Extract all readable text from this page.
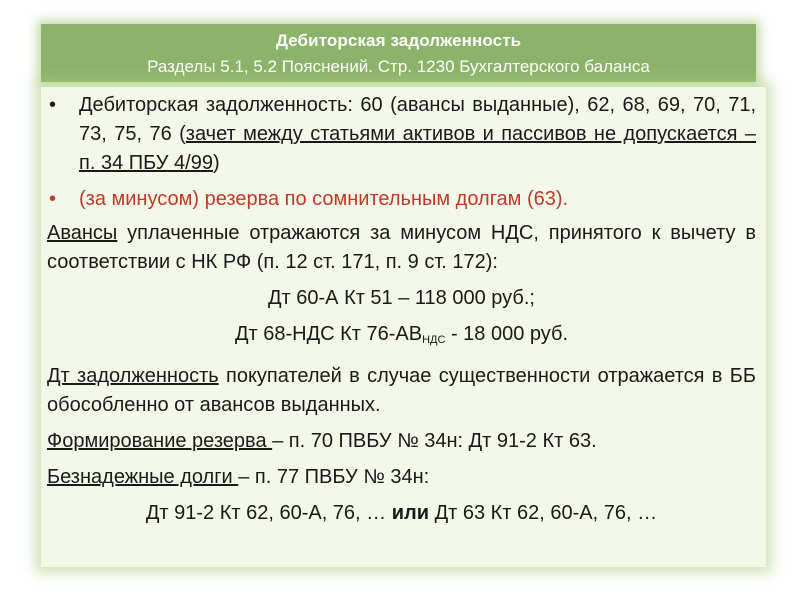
Дебиторская задолженность
Разделы 5.1, 5.2 Пояснений. Стр. 1230 Бухгалтерского баланса
• Дебиторская задолженность: 60 (авансы выданные), 62, 68, 69, 70, 71, 73, 75, 76 (зачет между статьями активов и пассивов не допускается – п. 34 ПБУ 4/99)
• (за минусом) резерва по сомнительным долгам (63).
Авансы уплаченные отражаются за минусом НДС, принятого к вычету в соответствии с НК РФ (п. 12 ст. 171, п. 9 ст. 172):
Дт 60-А Кт 51 – 118 000 руб.;
Дт 68-НДС Кт $76-АВ_{НДС} - 18$ 000 руб.
Дт задолженность покупателей в случае существенности отражается в ББ обособленно от авансов выданных.
Формирование резерва – п. 70 ПВБУ № 34н: Дт 91-2 Кт 63.
Безнадежные долги – п. 77 ПВБУ № 34н:
Дт 91-2 Кт 62, 60-А, 76, … или Дт 63 Кт 62, 60-А, 76, …
